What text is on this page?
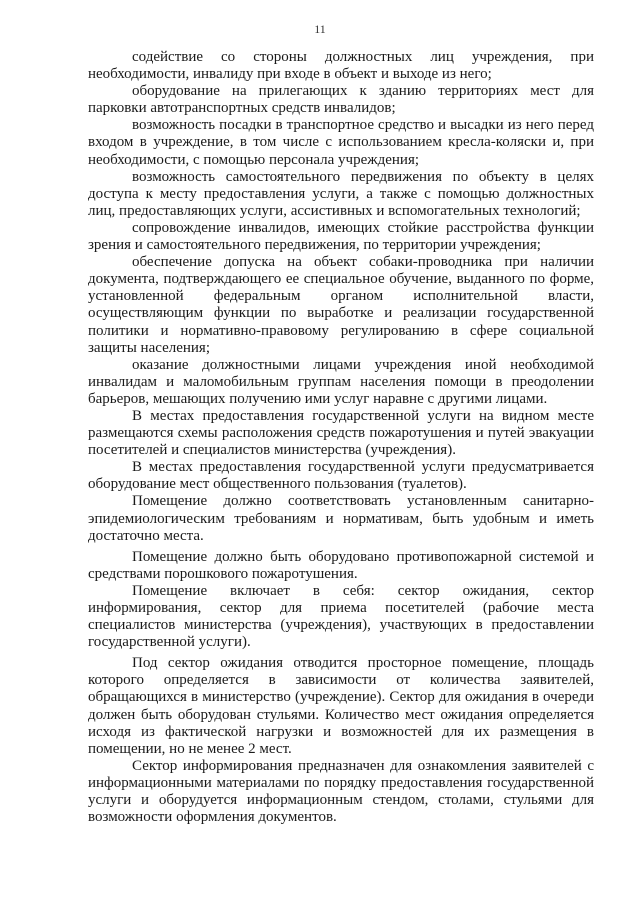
11

содействие со стороны должностных лиц учреждения, при необходимости, инвалиду при входе в объект и выходе из него;

оборудование на прилегающих к зданию территориях мест для парковки автотранспортных средств инвалидов;

возможность посадки в транспортное средство и высадки из него перед входом в учреждение, в том числе с использованием кресла-коляски и, при необходимости, с помощью персонала учреждения;

возможность самостоятельного передвижения по объекту в целях доступа к месту предоставления услуги, а также с помощью должностных лиц, предоставляющих услуги, ассистивных и вспомогательных технологий;

сопровождение инвалидов, имеющих стойкие расстройства функции зрения и самостоятельного передвижения, по территории учреждения;

обеспечение допуска на объект собаки-проводника при наличии документа, подтверждающего ее специальное обучение, выданного по форме, установленной федеральным органом исполнительной власти, осуществляющим функции по выработке и реализации государственной политики и нормативно-правовому регулированию в сфере социальной защиты населения;

оказание должностными лицами учреждения иной необходимой инвалидам и маломобильным группам населения помощи в преодолении барьеров, мешающих получению ими услуг наравне с другими лицами.

В местах предоставления государственной услуги на видном месте размещаются схемы расположения средств пожаротушения и путей эвакуации посетителей и специалистов министерства (учреждения).

В местах предоставления государственной услуги предусматривается оборудование мест общественного пользования (туалетов).

Помещение должно соответствовать установленным санитарно-эпидемиологическим требованиям и нормативам, быть удобным и иметь достаточно места.

Помещение должно быть оборудовано противопожарной системой и средствами порошкового пожаротушения.

Помещение включает в себя: сектор ожидания, сектор информирования, сектор для приема посетителей (рабочие места специалистов министерства (учреждения), участвующих в предоставлении государственной услуги).

Под сектор ожидания отводится просторное помещение, площадь которого определяется в зависимости от количества заявителей, обращающихся в министерство (учреждение). Сектор для ожидания в очереди должен быть оборудован стульями. Количество мест ожидания определяется исходя из фактической нагрузки и возможностей для их размещения в помещении, но не менее 2 мест.

Сектор информирования предназначен для ознакомления заявителей с информационными материалами по порядку предоставления государственной услуги и оборудуется информационным стендом, столами, стульями для возможности оформления документов.
